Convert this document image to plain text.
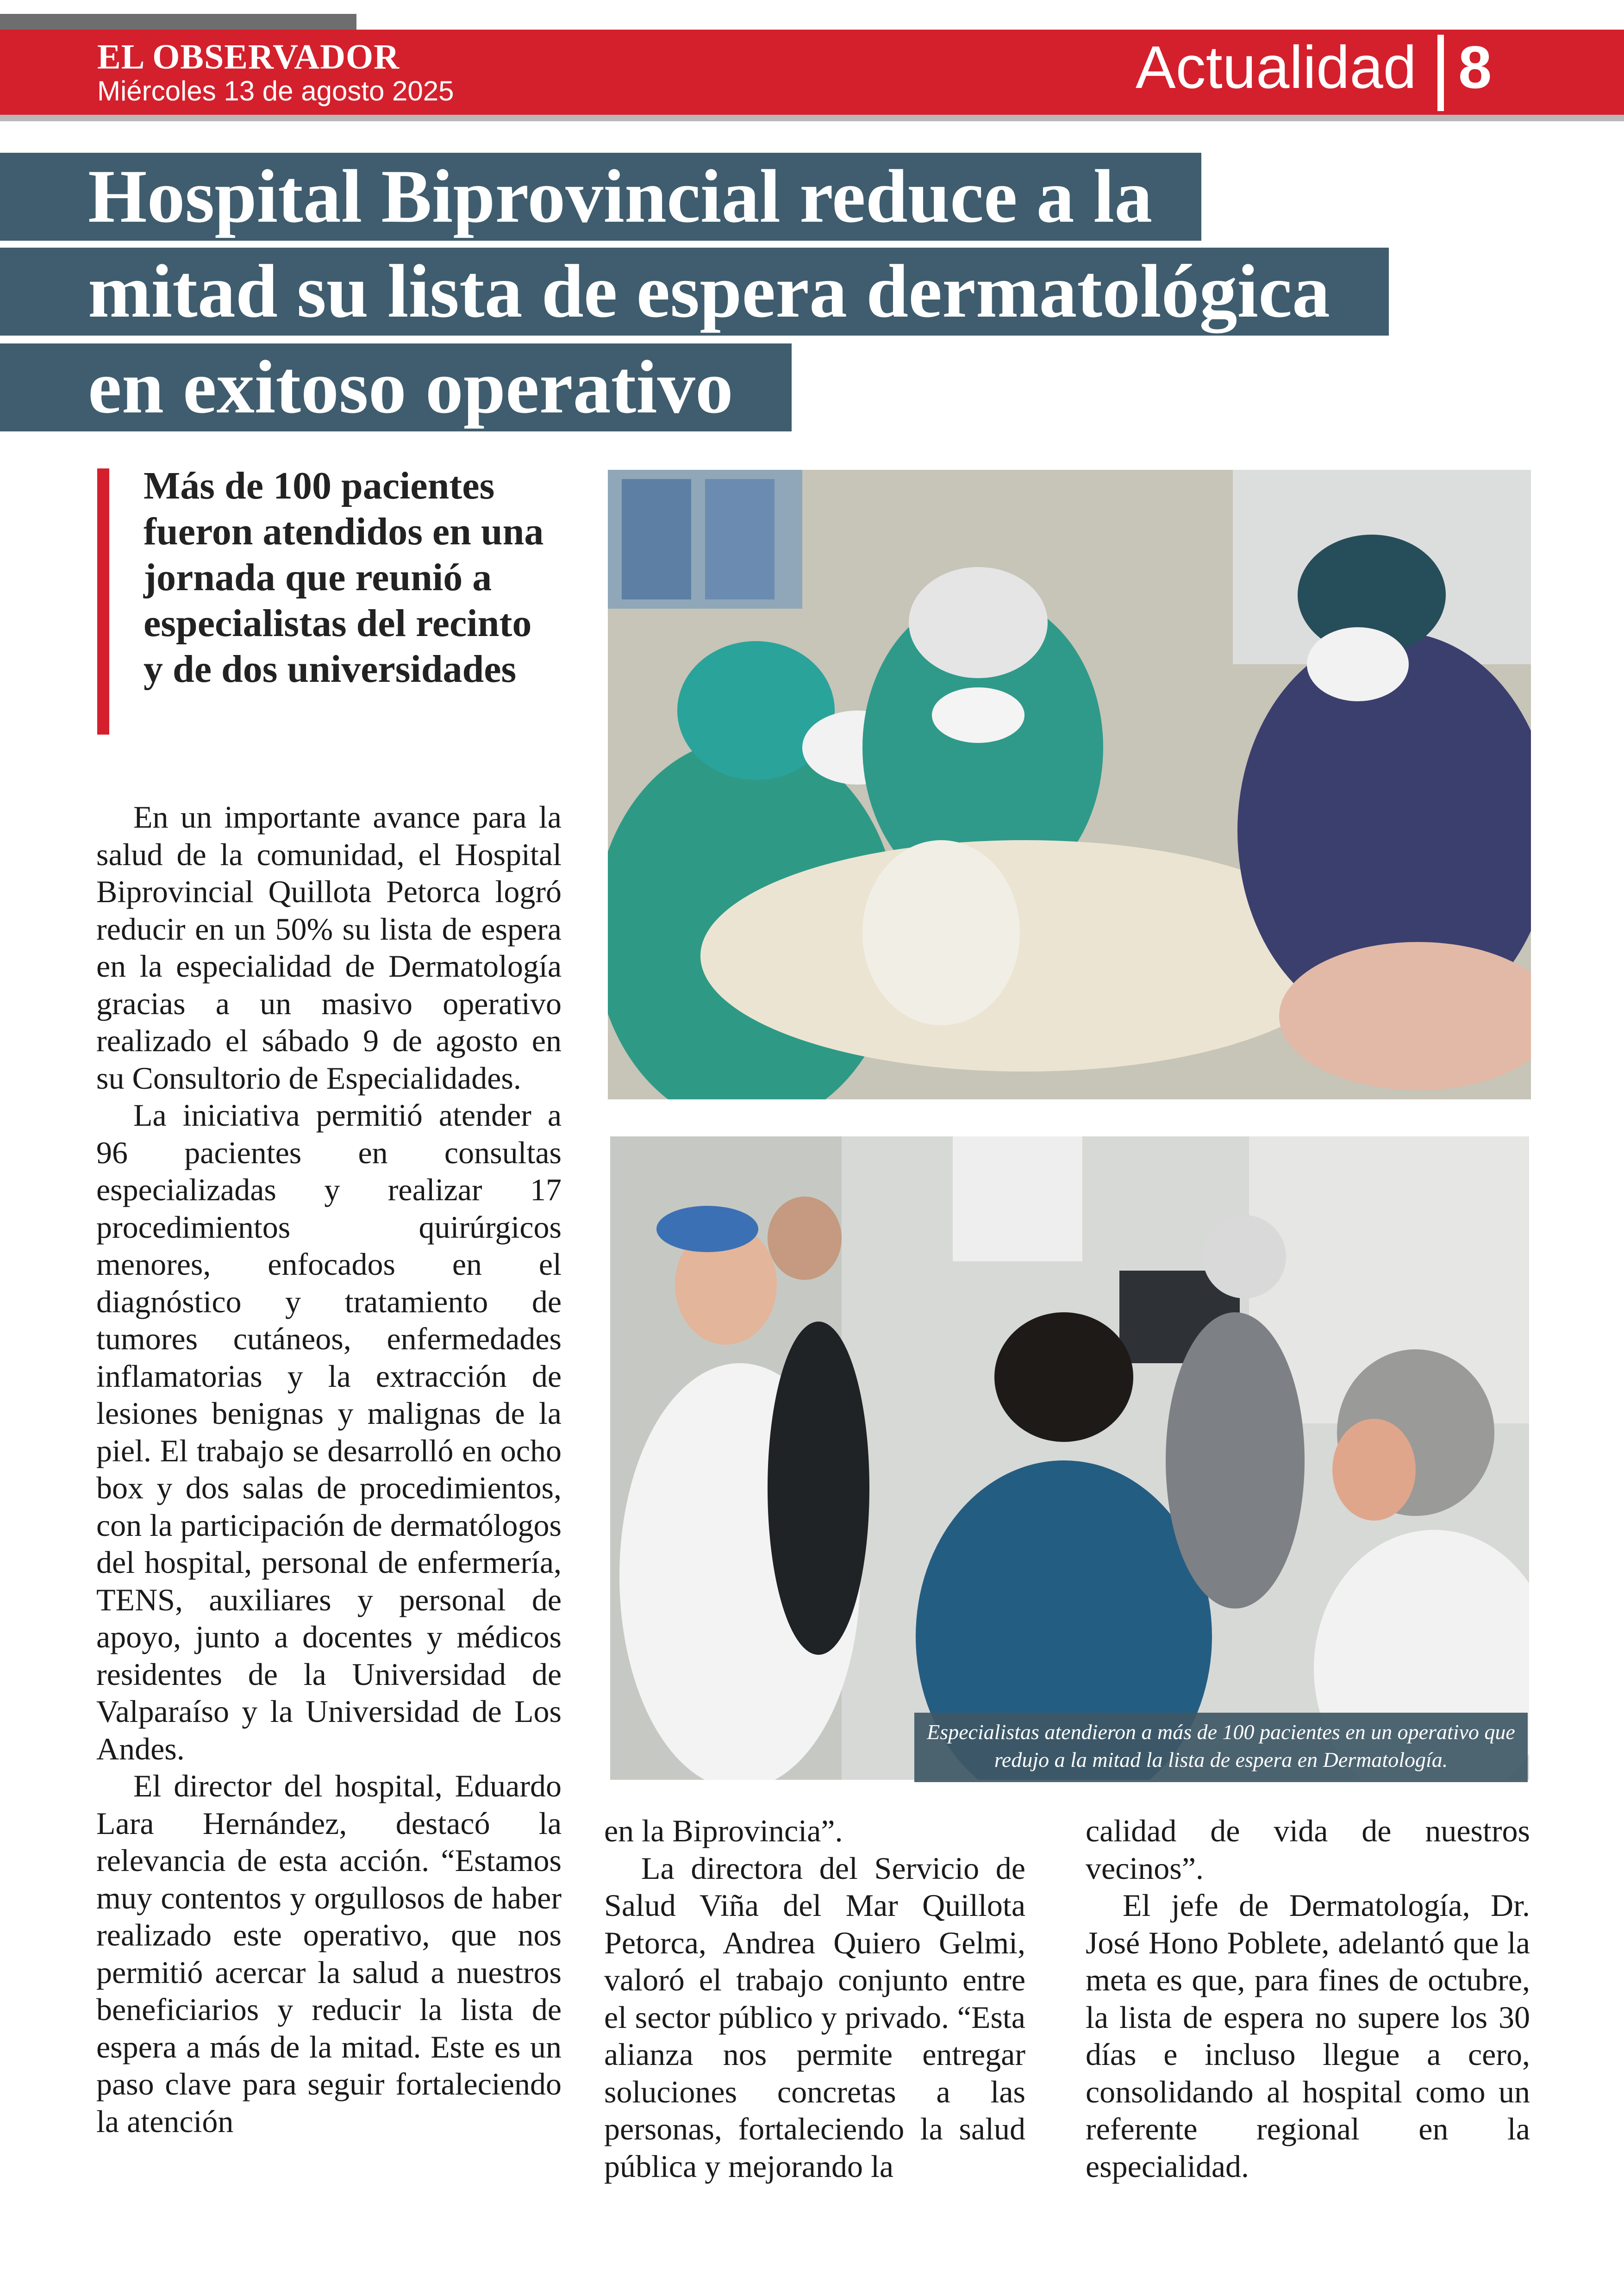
EL OBSERVADOR
Miércoles 13 de agosto 2025	Actualidad 8
Hospital Biprovincial reduce a la
mitad su lista de espera dermatológica
en exitoso operativo
Más de 100 pacientes fueron atendidos en una jornada que reunió a especialistas del recinto y de dos universidades

En un importante avance para la salud de la comunidad, el Hospital Biprovincial Quillota Petorca logró reducir en un 50% su lista de espera en la especialidad de Dermatología gracias a un masivo operativo realizado el sábado 9 de agosto en su Consultorio de Especialidades.

La iniciativa permitió atender a 96 pacientes en consultas especializadas y realizar 17 procedimientos quirúrgicos menores, enfocados en el diagnóstico y tratamiento de tumores cutáneos, enfermedades inflamatorias y la extracción de lesiones benignas y malignas de la piel. El trabajo se desarrolló en ocho box y dos salas de procedimientos, con la participación de dermatólogos del hospital, personal de enfermería, TENS, auxiliares y personal de apoyo, junto a docentes y médicos residentes de la Universidad de Valparaíso y la Universidad de Los Andes.

El director del hospital, Eduardo Lara Hernández, destacó la relevancia de esta acción. “Estamos muy contentos y orgullosos de haber realizado este operativo, que nos permitió acercar la salud a nuestros beneficiarios y reducir la lista de espera a más de la mitad. Este es un paso clave para seguir fortaleciendo la atención

Especialistas atendieron a más de 100 pacientes en un operativo que redujo a la mitad la lista de espera en Dermatología.

en la Biprovincia”.

La directora del Servicio de Salud Viña del Mar Quillota Petorca, Andrea Quiero Gelmi, valoró el trabajo conjunto entre el sector público y privado. “Esta alianza nos permite entregar soluciones concretas a las personas, fortaleciendo la salud pública y mejorando la

calidad de vida de nuestros vecinos”.

El jefe de Dermatología, Dr. José Hono Poblete, adelantó que la meta es que, para fines de octubre, la lista de espera no supere los 30 días e incluso llegue a cero, consolidando al hospital como un referente regional en la especialidad.
